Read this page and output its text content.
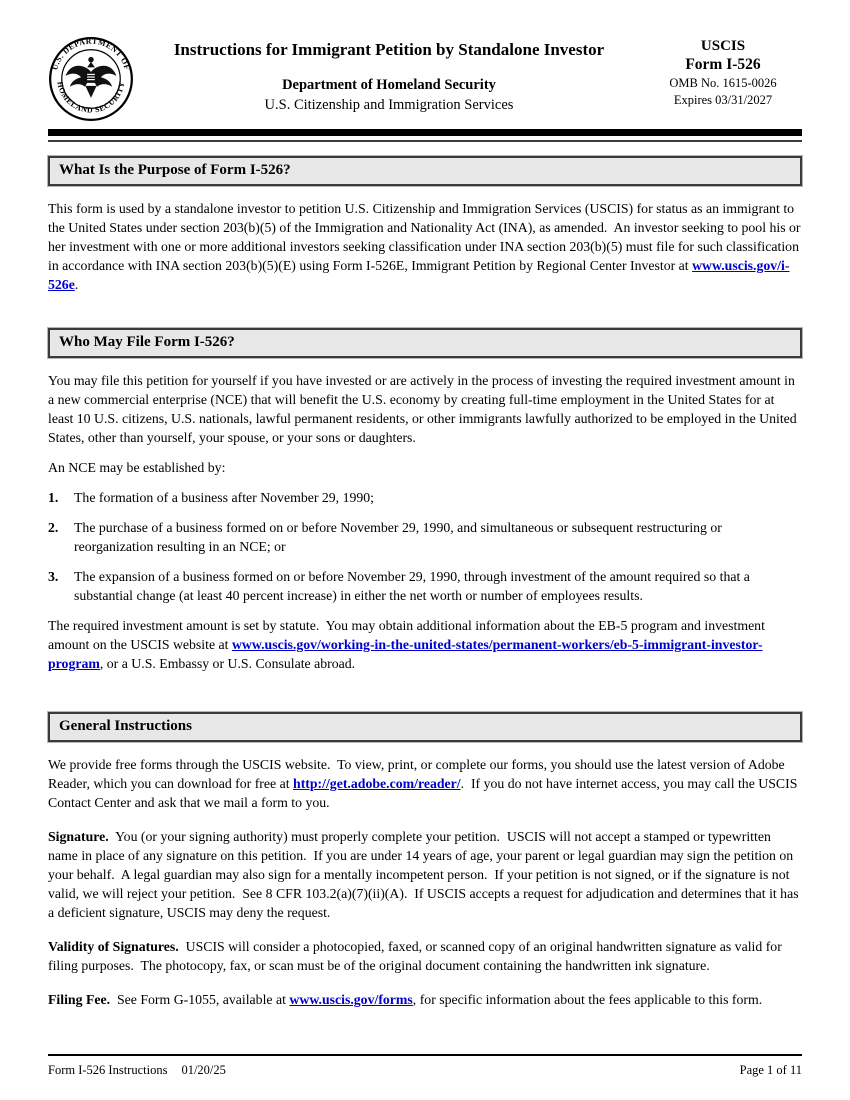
U.S. DEPARTMENT OF
HOMELAND SECURITY
Instructions for Immigrant Petition by Standalone Investor
Department of Homeland Security
U.S. Citizenship and Immigration Services
USCIS
Form I-526
OMB No. 1615-0026
Expires 03/31/2027
What Is the Purpose of Form I-526?

This form is used by a standalone investor to petition U.S. Citizenship and Immigration Services (USCIS) for status as an immigrant to the United States under section 203(b)(5) of the Immigration and Nationality Act (INA), as amended.  An investor seeking to pool his or her investment with one or more additional investors seeking classification under INA section 203(b)(5) must file for such classification in accordance with INA section 203(b)(5)(E) using Form I-526E, Immigrant Petition by Regional Center Investor at www.uscis.gov/i-526e.

Who May File Form I-526?

You may file this petition for yourself if you have invested or are actively in the process of investing the required investment amount in a new commercial enterprise (NCE) that will benefit the U.S. economy by creating full-time employment in the United States for at least 10 U.S. citizens, U.S. nationals, lawful permanent residents, or other immigrants lawfully authorized to be employed in the United States, other than yourself, your spouse, or your sons or daughters.

An NCE may be established by:

1.	The formation of a business after November 29, 1990;
2.	The purchase of a business formed on or before November 29, 1990, and simultaneous or subsequent restructuring or reorganization resulting in an NCE; or
3.	The expansion of a business formed on or before November 29, 1990, through investment of the amount required so that a substantial change (at least 40 percent increase) in either the net worth or number of employees results.

The required investment amount is set by statute.  You may obtain additional information about the EB-5 program and investment amount on the USCIS website at www.uscis.gov/working-in-the-united-states/permanent-workers/eb-5-immigrant-investor-program, or a U.S. Embassy or U.S. Consulate abroad.

General Instructions

We provide free forms through the USCIS website.  To view, print, or complete our forms, you should use the latest version of Adobe Reader, which you can download for free at http://get.adobe.com/reader/.  If you do not have internet access, you may call the USCIS Contact Center and ask that we mail a form to you.

Signature.  You (or your signing authority) must properly complete your petition.  USCIS will not accept a stamped or typewritten name in place of any signature on this petition.  If you are under 14 years of age, your parent or legal guardian may sign the petition on your behalf.  A legal guardian may also sign for a mentally incompetent person.  If your petition is not signed, or if the signature is not valid, we will reject your petition.  See 8 CFR 103.2(a)(7)(ii)(A).  If USCIS accepts a request for adjudication and determines that it has a deficient signature, USCIS may deny the request.

Validity of Signatures.  USCIS will consider a photocopied, faxed, or scanned copy of an original handwritten signature as valid for filing purposes.  The photocopy, fax, or scan must be of the original document containing the handwritten ink signature.

Filing Fee.  See Form G-1055, available at www.uscis.gov/forms, for specific information about the fees applicable to this form.

Form I-526 Instructions 01/20/25	Page 1 of 11
